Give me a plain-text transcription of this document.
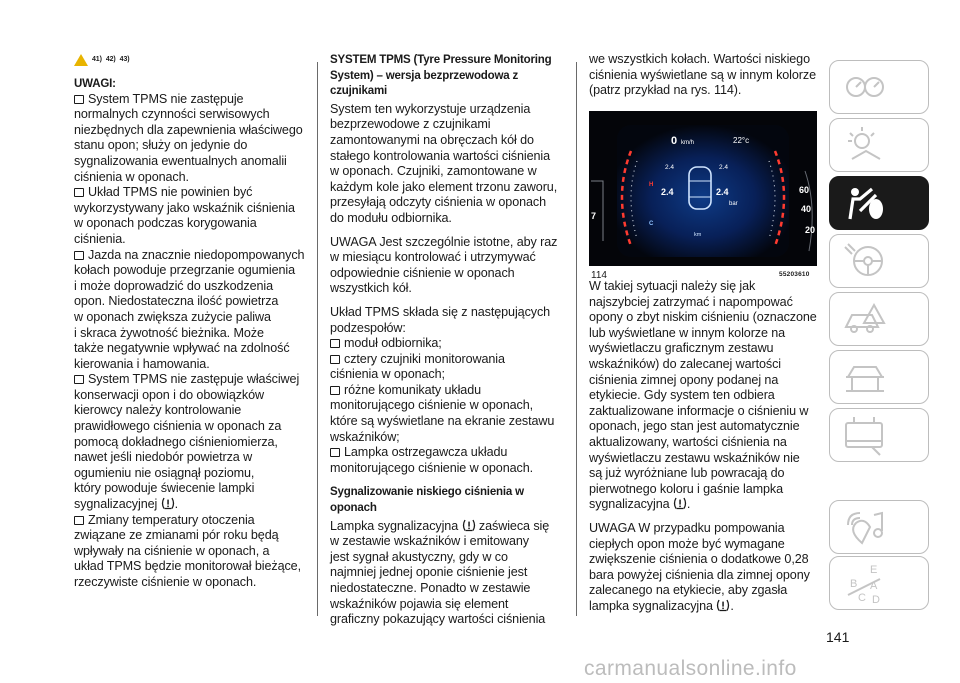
41) 42) 43)

UWAGI:

System TPMS nie zastępuje
normalnych czynności serwisowych
niezbędnych dla zapewnienia właściwego
stanu opon; służy on jedynie do
sygnalizowania ewentualnych anomalii
ciśnienia w oponach.

Układ TPMS nie powinien być
wykorzystywany jako wskaźnik ciśnienia
w oponach podczas korygowania
ciśnienia.

Jazda na znacznie niedopompowanych
kołach powoduje przegrzanie ogumienia
i może doprowadzić do uszkodzenia
opon. Niedostateczna ilość powietrza
w oponach zwiększa zużycie paliwa
i skraca żywotność bieżnika. Może
także negatywnie wpływać na zdolność
kierowania i hamowania.

System TPMS nie zastępuje właściwej
konserwacji opon i do obowiązków
kierowcy należy kontrolowanie
prawidłowego ciśnienia w oponach za
pomocą dokładnego ciśnieniomierza,
nawet jeśli niedobór powietrza w
ogumieniu nie osiągnął poziomu,
który powoduje świecenie lampki
sygnalizacyjnej .

Zmiany temperatury otoczenia
związane ze zmianami pór roku będą
wpływały na ciśnienie w oponach, a
układ TPMS będzie monitorował bieżące,
rzeczywiste ciśnienie w oponach.

SYSTEM TPMS (Tyre Pressure Monitoring
System) – wersja bezprzewodowa z
czujnikami

System ten wykorzystuje urządzenia
bezprzewodowe z czujnikami
zamontowanymi na obręczach kół do
stałego kontrolowania wartości ciśnienia
w oponach. Czujniki, zamontowane w
każdym kole jako element trzonu zaworu,
przesyłają odczyty ciśnienia w oponach
do modułu odbiornika.

UWAGA Jest szczególnie istotne, aby raz
w miesiącu kontrolować i utrzymywać
odpowiednie ciśnienie w oponach
wszystkich kół.

Układ TPMS składa się z następujących
podzespołów:

moduł odbiornika;

cztery czujniki monitorowania
ciśnienia w oponach;

różne komunikaty układu
monitorującego ciśnienie w oponach,
które są wyświetlane na ekranie zestawu
wskaźników;

Lampka ostrzegawcza układu
monitorującego ciśnienie w oponach.

Sygnalizowanie niskiego ciśnienia w
oponach

Lampka sygnalizacyjna zaświeca się
w zestawie wskaźników i emitowany
jest sygnał akustyczny, gdy w co
najmniej jednej oponie ciśnienie jest
niedostateczne. Ponadto w zestawie
wskaźników pojawia się element
graficzny pokazujący wartości ciśnienia

we wszystkich kołach. Wartości niskiego
ciśnienia wyświetlane są w innym kolorze
(patrz przykład na rys. 114).

0 km/h	22°c
2.4	2.4
2.4	2.4
bar
H
C
km
60
40
20
7
114	55203610

W takiej sytuacji należy się jak
najszybciej zatrzymać i napompować
opony o zbyt niskim ciśnieniu (oznaczone
lub wyświetlane w innym kolorze na
wyświetlaczu graficznym zestawu
wskaźników) do zalecanej wartości
ciśnienia zimnej opony podanej na
etykiecie. Gdy system ten odbiera
zaktualizowane informacje o ciśnieniu w
oponach, jego stan jest automatycznie
aktualizowany, wartości ciśnienia na
wyświetlaczu zestawu wskaźników nie
są już wyróżniane lub powracają do
pierwotnego koloru i gaśnie lampka
sygnalizacyjna .

UWAGA W przypadku pompowania
ciepłych opon może być wymagane
zwiększenie ciśnienia o dodatkowe 0,28
bara powyżej ciśnienia dla zimnej opony
zalecanego na etykiecie, aby zgasła
lampka sygnalizacyjna .

E
B A
C D
141
carmanualsonline.info
